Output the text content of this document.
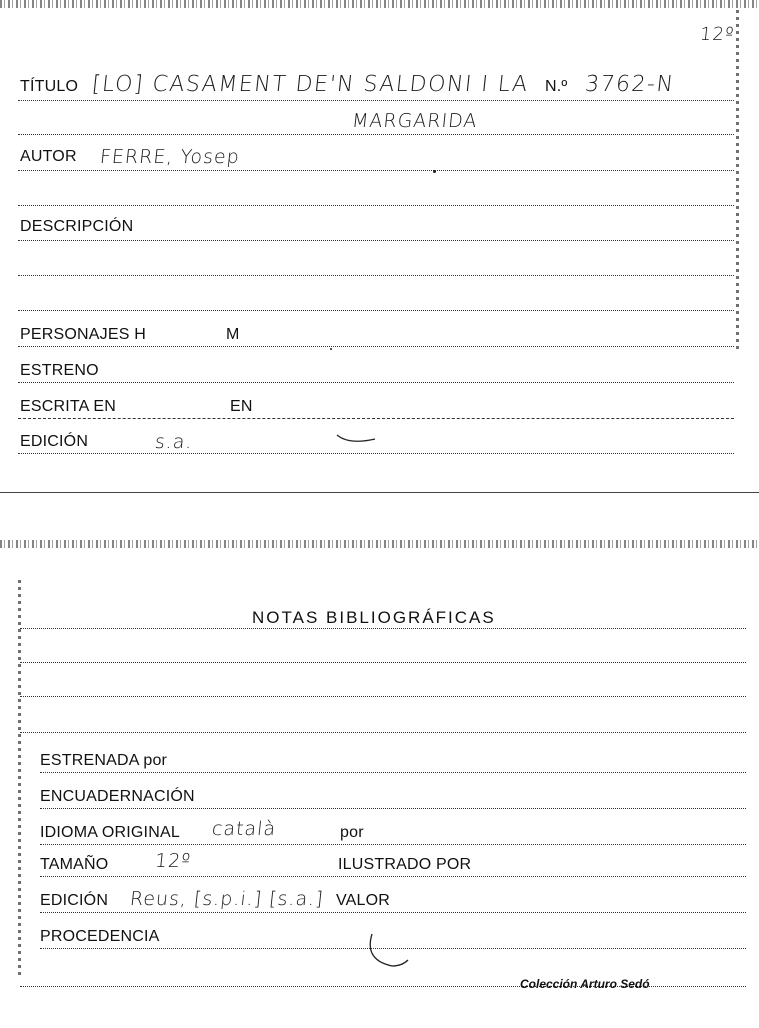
12º
TÍTULO [LO] CASAMENT DE'N SALDONI I LA N.º 3762-N
MARGARIDA
AUTOR FERRE, Yosep
DESCRIPCIÓN
PERSONAJES H	M
ESTRENO
ESCRITA EN	EN
EDICIÓN	s.a.
NOTAS BIBLIOGRÁFICAS
ESTRENADA por
ENCUADERNACIÓN
IDIOMA ORIGINAL català	por
TAMAÑO 12º	ILUSTRADO POR
EDICIÓN Reus, [s.p.i.] [s.a.] VALOR
PROCEDENCIA
Colección Arturo Sedó
